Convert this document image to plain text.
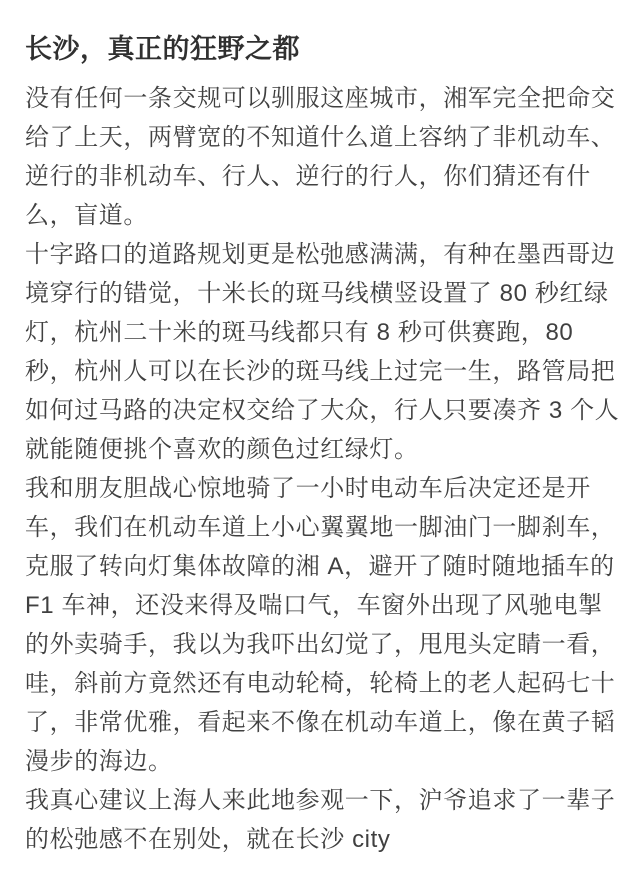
长沙，真正的狂野之都
没有任何一条交规可以驯服这座城市，湘军完全把命交
给了上天，两臂宽的不知道什么道上容纳了非机动车、
逆行的非机动车、行人、逆行的行人，你们猜还有什
么，盲道。
十字路口的道路规划更是松弛感满满，有种在墨西哥边
境穿行的错觉，十米长的斑马线横竖设置了 80 秒红绿
灯，杭州二十米的斑马线都只有 8 秒可供赛跑，80
秒，杭州人可以在长沙的斑马线上过完一生，路管局把
如何过马路的决定权交给了大众，行人只要凑齐 3 个人
就能随便挑个喜欢的颜色过红绿灯。
我和朋友胆战心惊地骑了一小时电动车后决定还是开
车，我们在机动车道上小心翼翼地一脚油门一脚刹车，
克服了转向灯集体故障的湘 A，避开了随时随地插车的
F1 车神，还没来得及喘口气，车窗外出现了风驰电掣
的外卖骑手，我以为我吓出幻觉了，甩甩头定睛一看，
哇，斜前方竟然还有电动轮椅，轮椅上的老人起码七十
了，非常优雅，看起来不像在机动车道上，像在黄子韬
漫步的海边。
我真心建议上海人来此地参观一下，沪爷追求了一辈子
的松弛感不在别处，就在长沙 city
